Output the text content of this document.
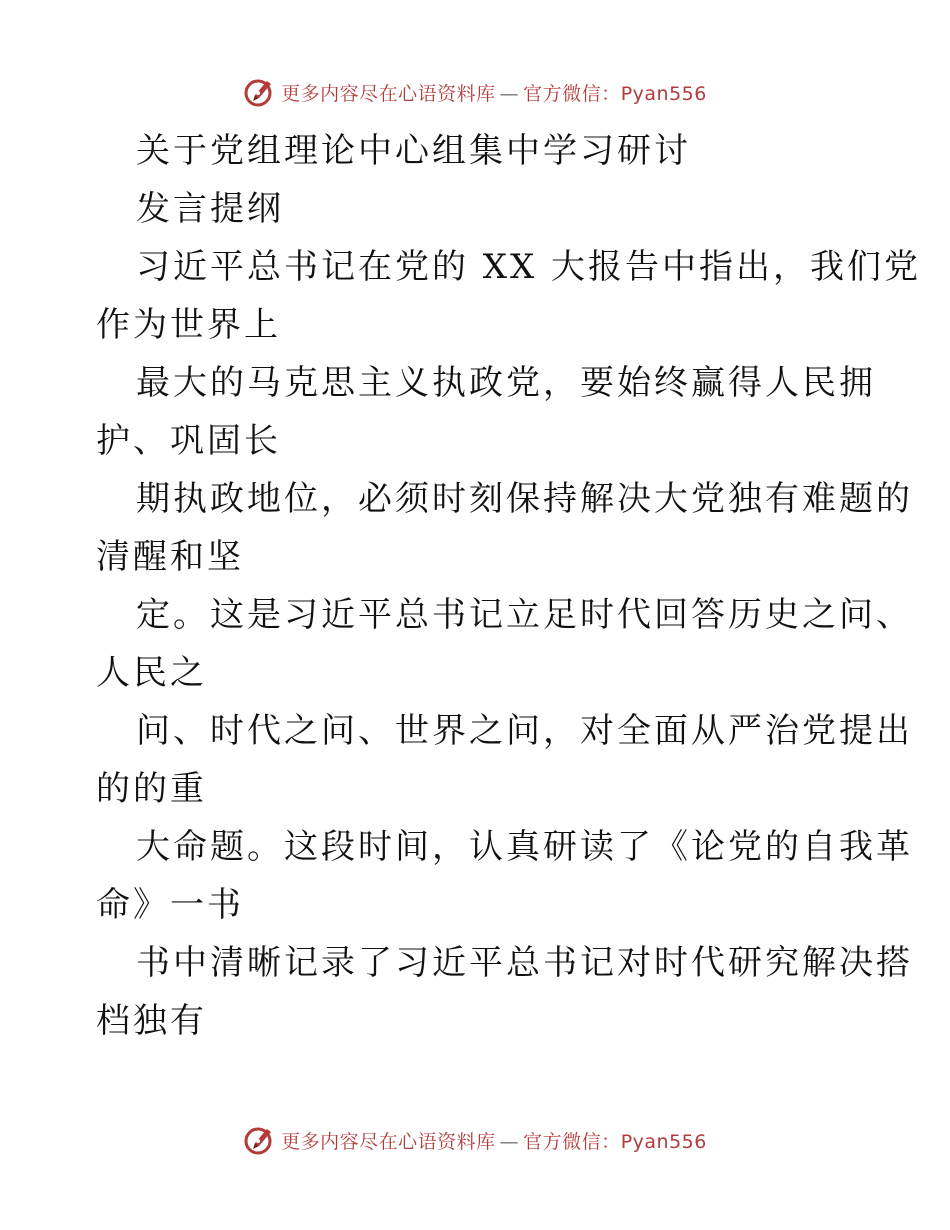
更多内容尽在心语资料库 — 官方微信：Pyan556
关于党组理论中心组集中学习研讨
发言提纲
习近平总书记在党的 XX 大报告中指出，我们党
作为世界上
最大的马克思主义执政党，要始终赢得人民拥
护、巩固长
期执政地位，必须时刻保持解决大党独有难题的
清醒和坚
定。这是习近平总书记立足时代回答历史之问、
人民之
问、时代之问、世界之问，对全面从严治党提出
的的重
大命题。这段时间，认真研读了《论党的自我革
命》一书
书中清晰记录了习近平总书记对时代研究解决搭
档独有
更多内容尽在心语资料库 — 官方微信：Pyan556
